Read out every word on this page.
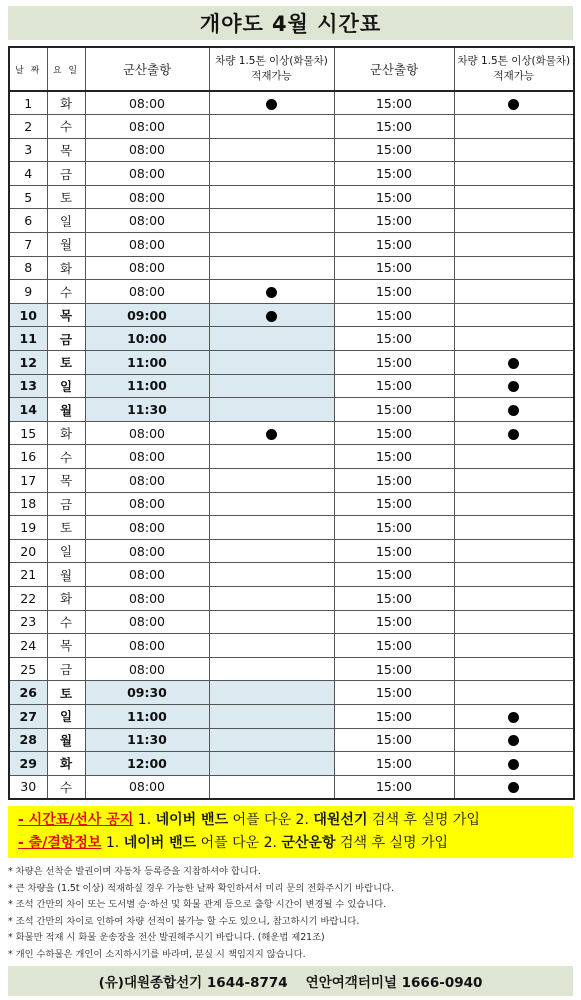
개야도 4월 시간표
날 짜	요 일	군산출항	차량 1.5톤 이상(화물차) 적재가능	군산출항	차량 1.5톤 이상(화물차) 적재가능
1	화	08:00		15:00	
2	수	08:00		15:00	
3	목	08:00		15:00	
4	금	08:00		15:00	
5	토	08:00		15:00	
6	일	08:00		15:00	
7	월	08:00		15:00	
8	화	08:00		15:00	
9	수	08:00		15:00	
10	목	09:00		15:00	
11	금	10:00		15:00	
12	토	11:00		15:00	
13	일	11:00		15:00	
14	월	11:30		15:00	
15	화	08:00		15:00	
16	수	08:00		15:00	
17	목	08:00		15:00	
18	금	08:00		15:00	
19	토	08:00		15:00	
20	일	08:00		15:00	
21	월	08:00		15:00	
22	화	08:00		15:00	
23	수	08:00		15:00	
24	목	08:00		15:00	
25	금	08:00		15:00	
26	토	09:30		15:00	
27	일	11:00		15:00	
28	월	11:30		15:00	
29	화	12:00		15:00	
30	수	08:00		15:00	
- 시간표/선사 공지 1. 네이버 밴드 어플 다운 2. 대원선기 검색 후 실명 가입
- 출/결항정보 1. 네이버 밴드 어플 다운 2. 군산운항 검색 후 실명 가입
* 차량은 선착순 발권이며 자동차 등록증을 지참하셔야 합니다.
* 큰 차량을 (1.5t 이상) 적재하실 경우 가능한 날짜 확인하셔서 미리 문의 전화주시기 바랍니다.
* 조석 간만의 차이 또는 도서별 승·하선 및 화물 관계 등으로 출항 시간이 변경될 수 있습니다.
* 조석 간만의 차이로 인하여 차량 선적이 불가능 할 수도 있으니, 참고하시기 바랍니다.
* 화물만 적재 시 화물 운송장을 전산 발권해주시기 바랍니다. (해운법 제21조)
* 개인 수하물은 개인이 소지하시기를 바라며, 분실 시 책임지지 않습니다.
(유)대원종합선기 1644-8774 연안여객터미널 1666-0940
